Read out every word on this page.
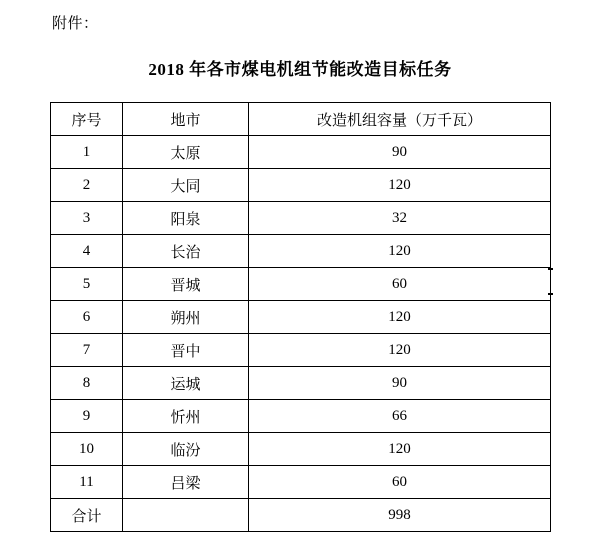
附件：
2018 年各市煤电机组节能改造目标任务
序号	地市	改造机组容量（万千瓦）
1	太原	90
2	大同	120
3	阳泉	32
4	长治	120
5	晋城	60
6	朔州	120
7	晋中	120
8	运城	90
9	忻州	66
10	临汾	120
11	吕梁	60
合计		998
